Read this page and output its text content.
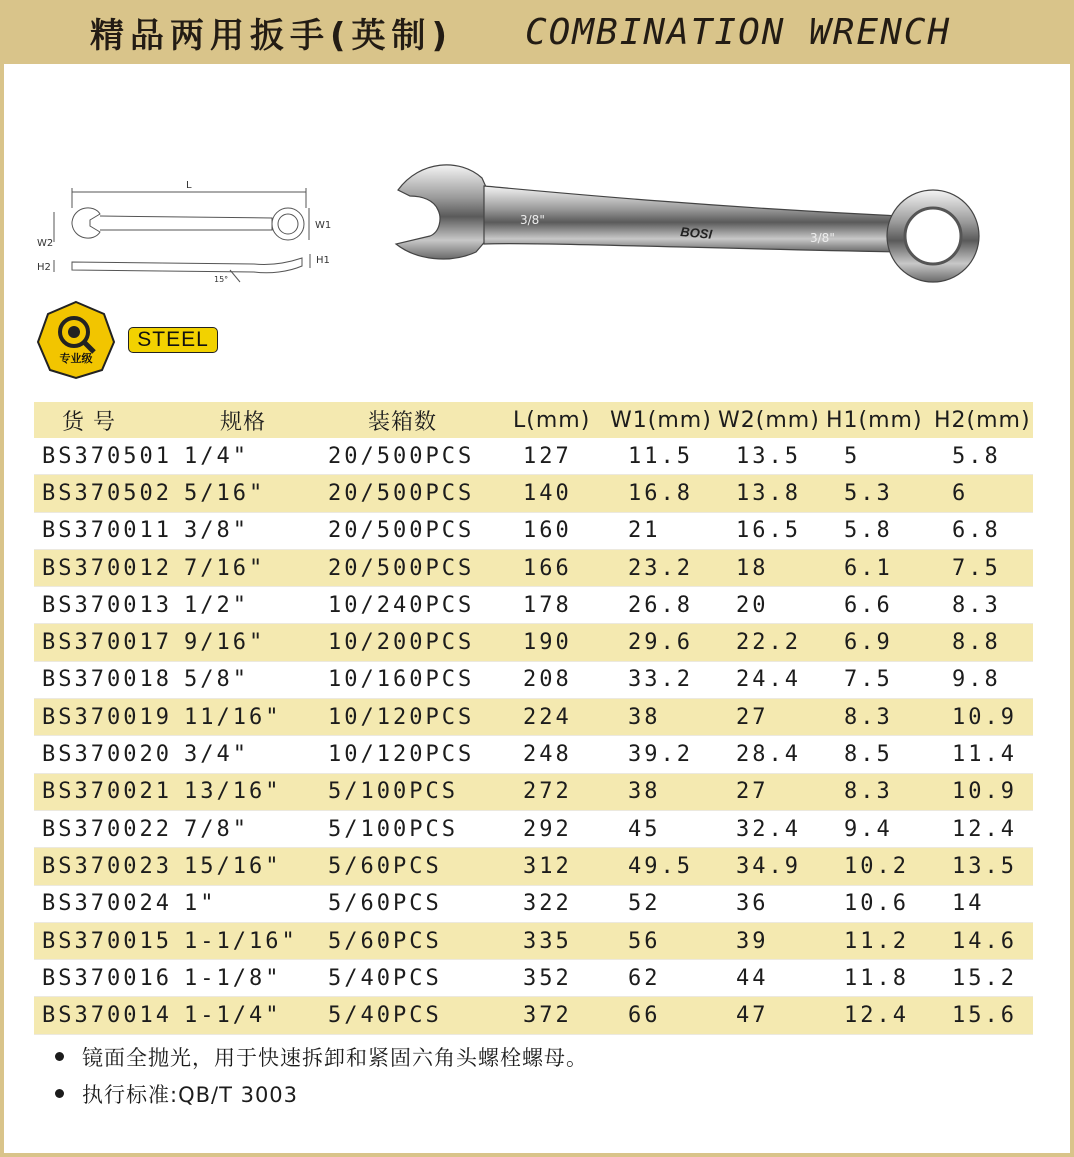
精品两用扳手(英制) COMBINATION WRENCH
L
W1
W2
H1
H2
15°
3/8"
BOSI	3/8"
专业级
STEEL
货 号	规格	装箱数	L(mm)	W1(mm)	W2(mm)	H1(mm)	H2(mm)
BS370501	1/4"	20/500PCS	127	11.5	13.5	5	5.8
BS370502	5/16"	20/500PCS	140	16.8	13.8	5.3	6
BS370011	3/8"	20/500PCS	160	21	16.5	5.8	6.8
BS370012	7/16"	20/500PCS	166	23.2	18	6.1	7.5
BS370013	1/2"	10/240PCS	178	26.8	20	6.6	8.3
BS370017	9/16"	10/200PCS	190	29.6	22.2	6.9	8.8
BS370018	5/8"	10/160PCS	208	33.2	24.4	7.5	9.8
BS370019	11/16"	10/120PCS	224	38	27	8.3	10.9
BS370020	3/4"	10/120PCS	248	39.2	28.4	8.5	11.4
BS370021	13/16"	5/100PCS	272	38	27	8.3	10.9
BS370022	7/8"	5/100PCS	292	45	32.4	9.4	12.4
BS370023	15/16"	5/60PCS	312	49.5	34.9	10.2	13.5
BS370024	1"	5/60PCS	322	52	36	10.6	14
BS370015	1-1/16"	5/60PCS	335	56	39	11.2	14.6
BS370016	1-1/8"	5/40PCS	352	62	44	11.8	15.2
BS370014	1-1/4"	5/40PCS	372	66	47	12.4	15.6
镜面全抛光，用于快速拆卸和紧固六角头螺栓螺母。
执行标准:QB/T 3003
